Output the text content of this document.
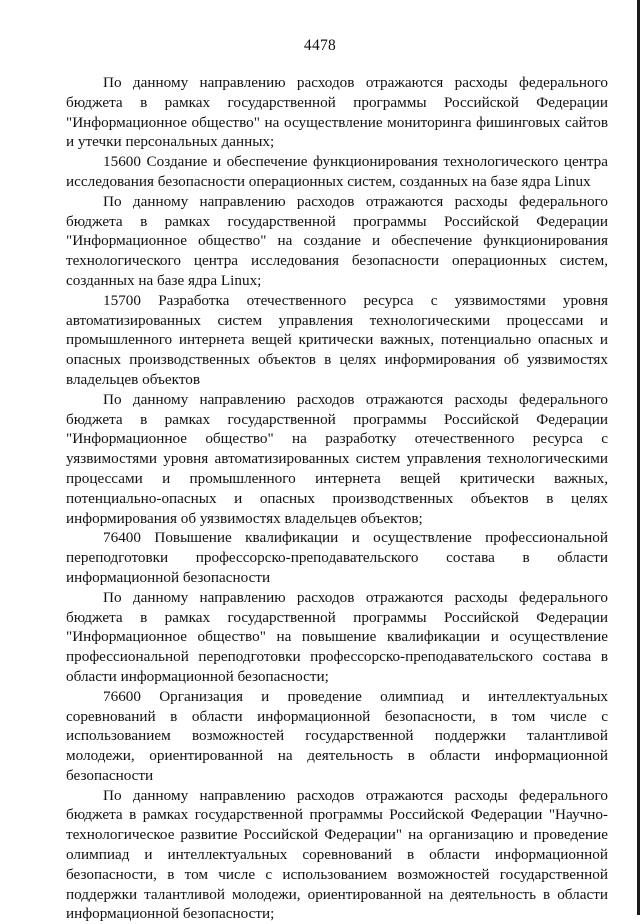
4478

По данному направлению расходов отражаются расходы федерального бюджета в рамках государственной программы Российской Федерации "Информационное общество" на осуществление мониторинга фишинговых сайтов и утечки персональных данных;

15600 Создание и обеспечение функционирования технологического центра исследования безопасности операционных систем, созданных на базе ядра Linux

По данному направлению расходов отражаются расходы федерального бюджета в рамках государственной программы Российской Федерации "Информационное общество" на создание и обеспечение функционирования технологического центра исследования безопасности операционных систем, созданных на базе ядра Linux;

15700 Разработка отечественного ресурса с уязвимостями уровня автоматизированных систем управления технологическими процессами и промышленного интернета вещей критически важных, потенциально опасных и опасных производственных объектов в целях информирования об уязвимостях владельцев объектов

По данному направлению расходов отражаются расходы федерального бюджета в рамках государственной программы Российской Федерации "Информационное общество" на разработку отечественного ресурса с уязвимостями уровня автоматизированных систем управления технологическими процессами и промышленного интернета вещей критически важных, потенциально-опасных и опасных производственных объектов в целях информирования об уязвимостях владельцев объектов;

76400 Повышение квалификации и осуществление профессиональной переподготовки профессорско-преподавательского состава в области информационной безопасности

По данному направлению расходов отражаются расходы федерального бюджета в рамках государственной программы Российской Федерации "Информационное общество" на повышение квалификации и осуществление профессиональной переподготовки профессорско-преподавательского состава в области информационной безопасности;

76600 Организация и проведение олимпиад и интеллектуальных соревнований в области информационной безопасности, в том числе с использованием возможностей государственной поддержки талантливой молодежи, ориентированной на деятельность в области информационной безопасности

По данному направлению расходов отражаются расходы федерального бюджета в рамках государственной программы Российской Федерации "Научно-технологическое развитие Российской Федерации" на организацию и проведение олимпиад и интеллектуальных соревнований в области информационной безопасности, в том числе с использованием возможностей государственной поддержки талантливой молодежи, ориентированной на деятельность в области информационной безопасности;
